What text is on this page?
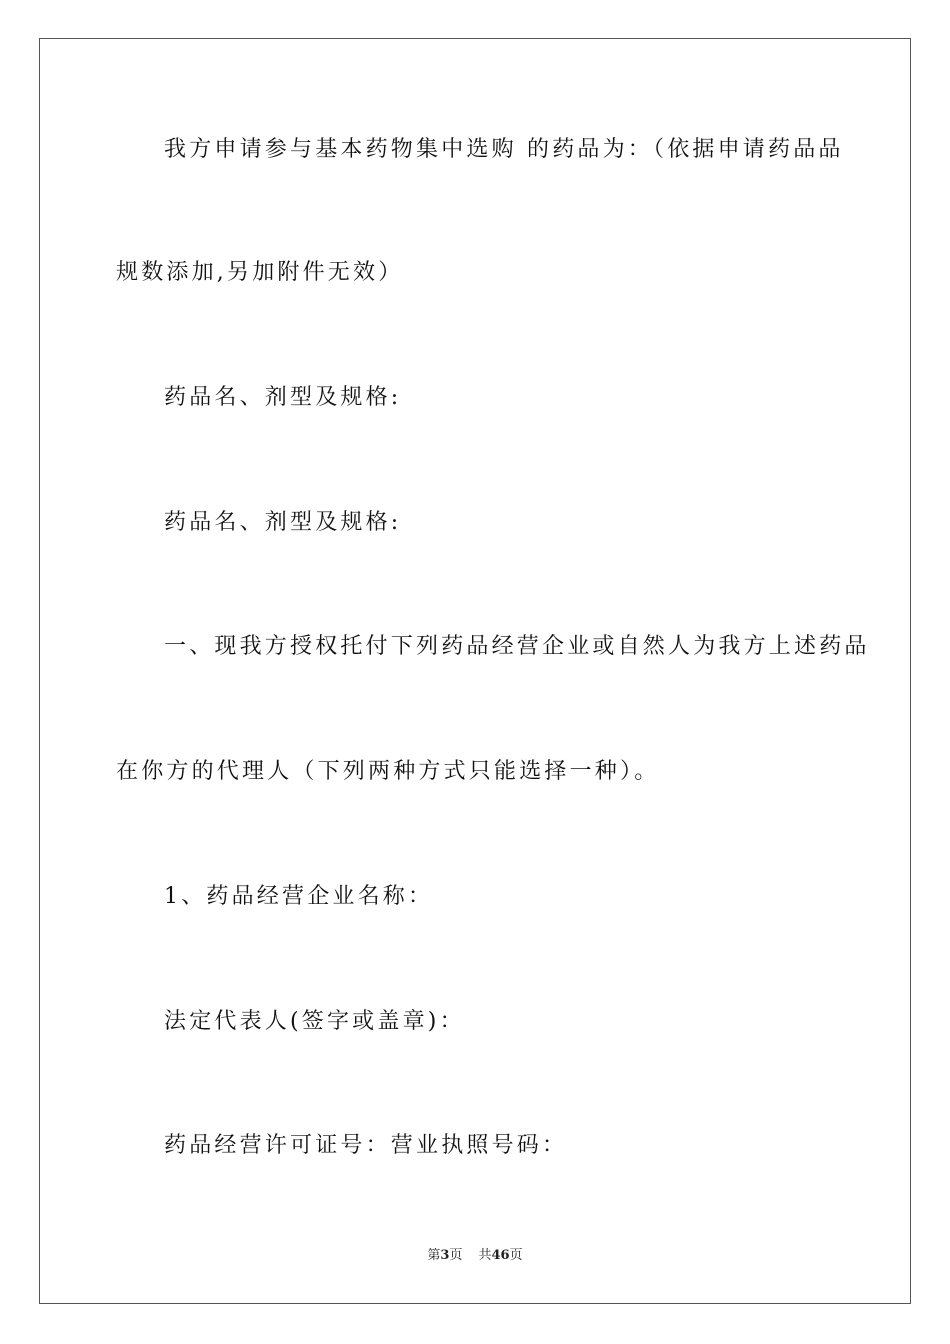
我方申请参与基本药物集中选购 的药品为：（依据申请药品品
规数添加,另加附件无效）
药品名、剂型及规格:
药品名、剂型及规格:
一、现我方授权托付下列药品经营企业或自然人为我方上述药品
在你方的代理人（下列两种方式只能选择一种）。
1、药品经营企业名称：
法定代表人(签字或盖章)：
药品经营许可证号：营业执照号码：
第3页 共46页
